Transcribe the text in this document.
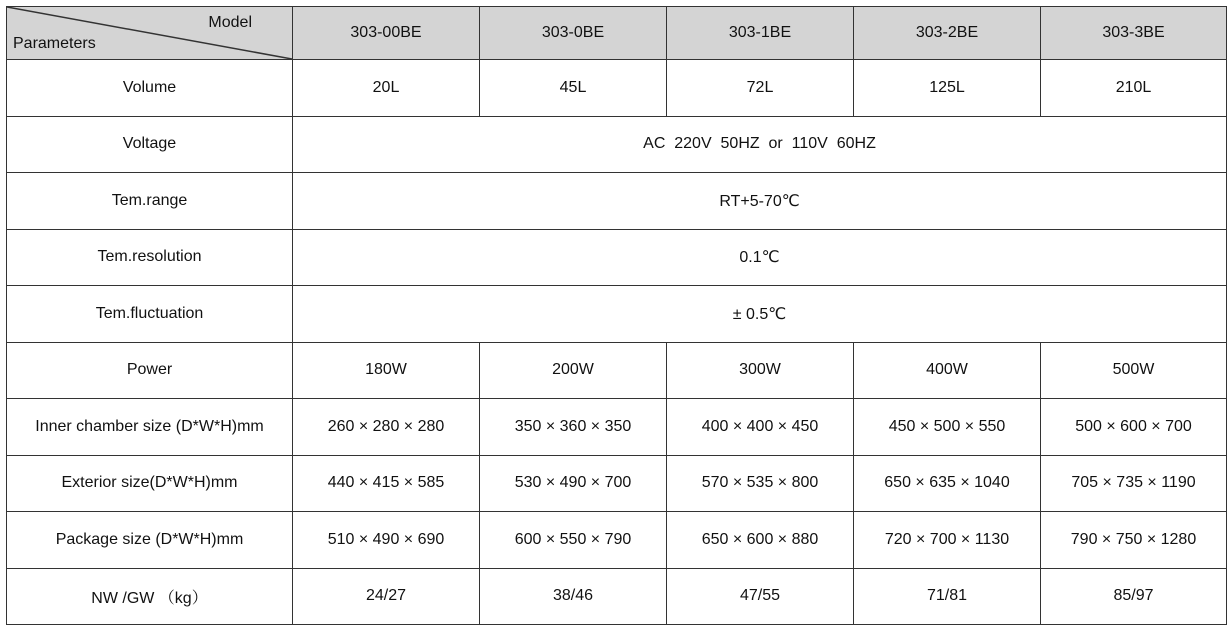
Model
Parameters	303-00BE	303-0BE	303-1BE	303-2BE	303-3BE
Volume	20L	45L	72L	125L	210L
Voltage	AC  220V  50HZ  or  110V  60HZ				
Tem.range	RT+5-70℃				
Tem.resolution	0.1℃				
Tem.fluctuation	± 0.5℃				
Power	180W	200W	300W	400W	500W
Inner chamber size (D*W*H)mm	260 × 280 × 280	350 × 360 × 350	400 × 400 × 450	450 × 500 × 550	500 × 600 × 700
Exterior size(D*W*H)mm	440 × 415 × 585	530 × 490 × 700	570 × 535 × 800	650 × 635 × 1040	705 × 735 × 1190
Package size (D*W*H)mm	510 × 490 × 690	600 × 550 × 790	650 × 600 × 880	720 × 700 × 1130	790 × 750 × 1280
NW /GW （kg）	24/27	38/46	47/55	71/81	85/97
